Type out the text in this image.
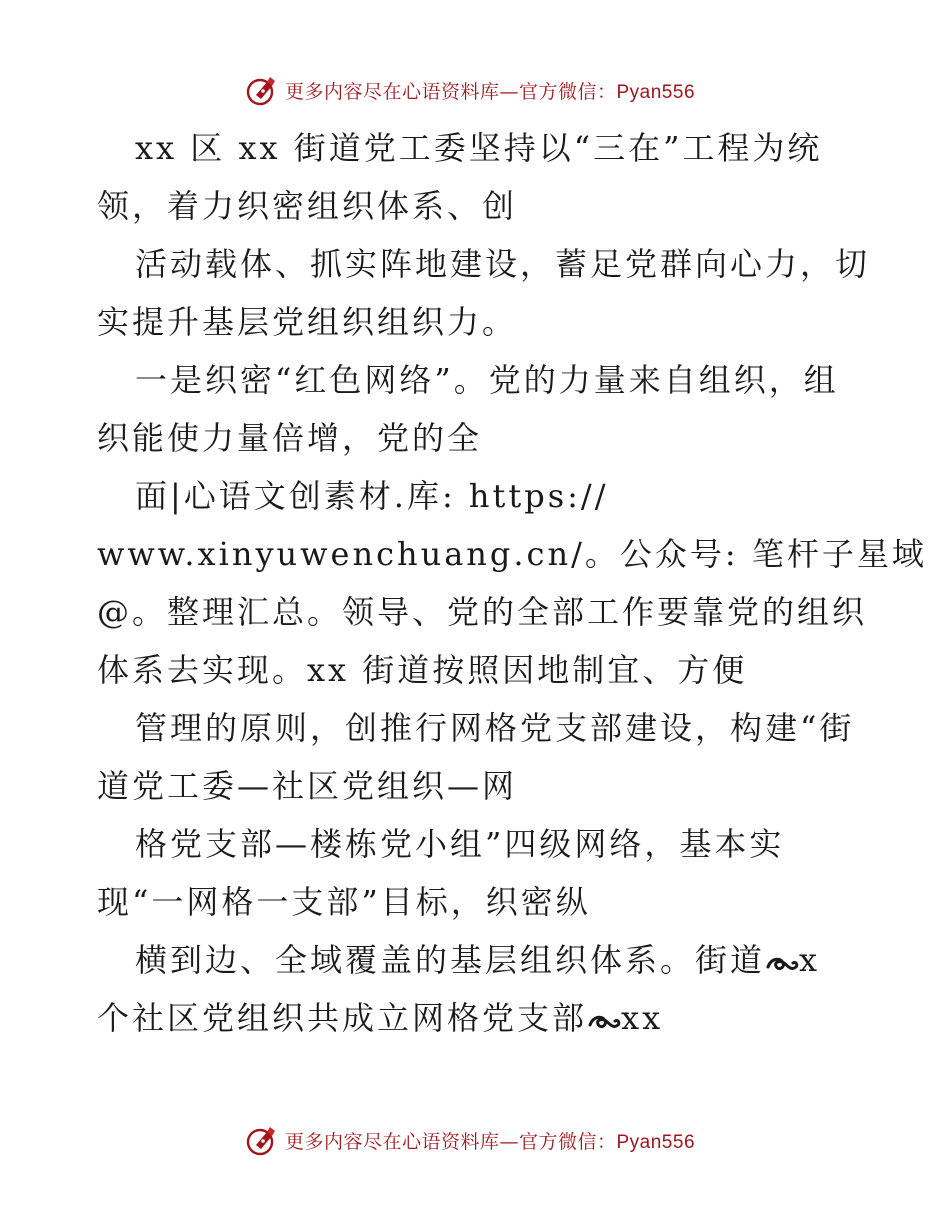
更多内容尽在心语资料库—官方微信：Pyan556
xx 区 xx 街道党工委坚持以“三在”工程为统
领，着力织密组织体系、创
活动载体、抓实阵地建设，蓄足党群向心力，切
实提升基层党组织组织力。
一是织密“红色网络”。党的力量来自组织，组
织能使力量倍增，党的全
面|心语文创素材.库: https://
www.xinyuwenchuang.cn/。公众号: 笔杆子星域
@。整理汇总。领导、党的全部工作要靠党的组织
体系去实现。xx 街道按照因地制宜、方便
管理的原则，创推行网格党支部建设，构建“街
道党工委—社区党组织—网
格党支部—楼栋党小组”四级网络，基本实
现“一网格一支部”目标，织密纵
横到边、全域覆盖的基层组织体系。街道 x
个社区党组织共成立网格党支部 xx
更多内容尽在心语资料库—官方微信：Pyan556
